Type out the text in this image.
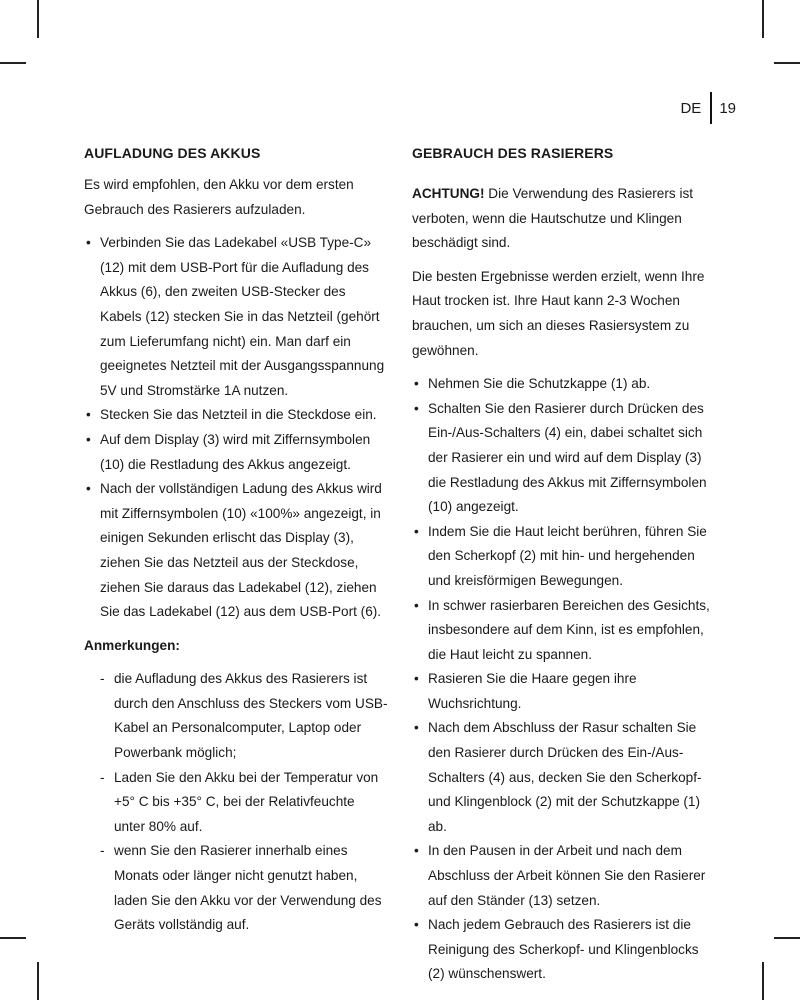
DE	19
AUFLADUNG DES AKKUS

Es wird empfohlen, den Akku vor dem ersten Gebrauch des Rasierers aufzuladen.

• Verbinden Sie das Ladekabel «USB Type-C» (12) mit dem USB-Port für die Aufladung des Akkus (6), den zweiten USB-Stecker des Kabels (12) stecken Sie in das Netzteil (gehört zum Lieferumfang nicht) ein. Man darf ein geeignetes Netzteil mit der Ausgangsspannung 5V und Stromstärke 1A nutzen.
• Stecken Sie das Netzteil in die Steckdose ein.
• Auf dem Display (3) wird mit Ziffernsymbolen (10) die Restladung des Akkus angezeigt.
• Nach der vollständigen Ladung des Akkus wird mit Ziffernsymbolen (10) «100%» angezeigt, in einigen Sekunden erlischt das Display (3), ziehen Sie das Netzteil aus der Steckdose, ziehen Sie daraus das Ladekabel (12), ziehen Sie das Ladekabel (12) aus dem USB-Port (6).
Anmerkungen:
- die Aufladung des Akkus des Rasierers ist durch den Anschluss des Steckers vom USB-Kabel an Personalcomputer, Laptop oder Powerbank möglich;
- Laden Sie den Akku bei der Temperatur von +5° C bis +35° C, bei der Relativfeuchte unter 80% auf.
- wenn Sie den Rasierer innerhalb eines Monats oder länger nicht genutzt haben, laden Sie den Akku vor der Verwendung des Geräts vollständig auf.
GEBRAUCH DES RASIERERS

ACHTUNG! Die Verwendung des Rasierers ist verboten, wenn die Hautschutze und Klingen beschädigt sind.

Die besten Ergebnisse werden erzielt, wenn Ihre Haut trocken ist. Ihre Haut kann 2-3 Wochen brauchen, um sich an dieses Rasiersystem zu gewöhnen.

• Nehmen Sie die Schutzkappe (1) ab.
• Schalten Sie den Rasierer durch Drücken des Ein-/Aus-Schalters (4) ein, dabei schaltet sich der Rasierer ein und wird auf dem Display (3) die Restladung des Akkus mit Ziffernsymbolen (10) angezeigt.
• Indem Sie die Haut leicht berühren, führen Sie den Scherkopf (2) mit hin- und hergehenden und kreisförmigen Bewegungen.
• In schwer rasierbaren Bereichen des Gesichts, insbesondere auf dem Kinn, ist es empfohlen, die Haut leicht zu spannen.
• Rasieren Sie die Haare gegen ihre Wuchsrichtung.
• Nach dem Abschluss der Rasur schalten Sie den Rasierer durch Drücken des Ein-/Aus-Schalters (4) aus, decken Sie den Scherkopf- und Klingenblock (2) mit der Schutzkappe (1) ab.
• In den Pausen in der Arbeit und nach dem Abschluss der Arbeit können Sie den Rasierer auf den Ständer (13) setzen.
• Nach jedem Gebrauch des Rasierers ist die Reinigung des Scherkopf- und Klingenblocks (2) wünschenswert.
